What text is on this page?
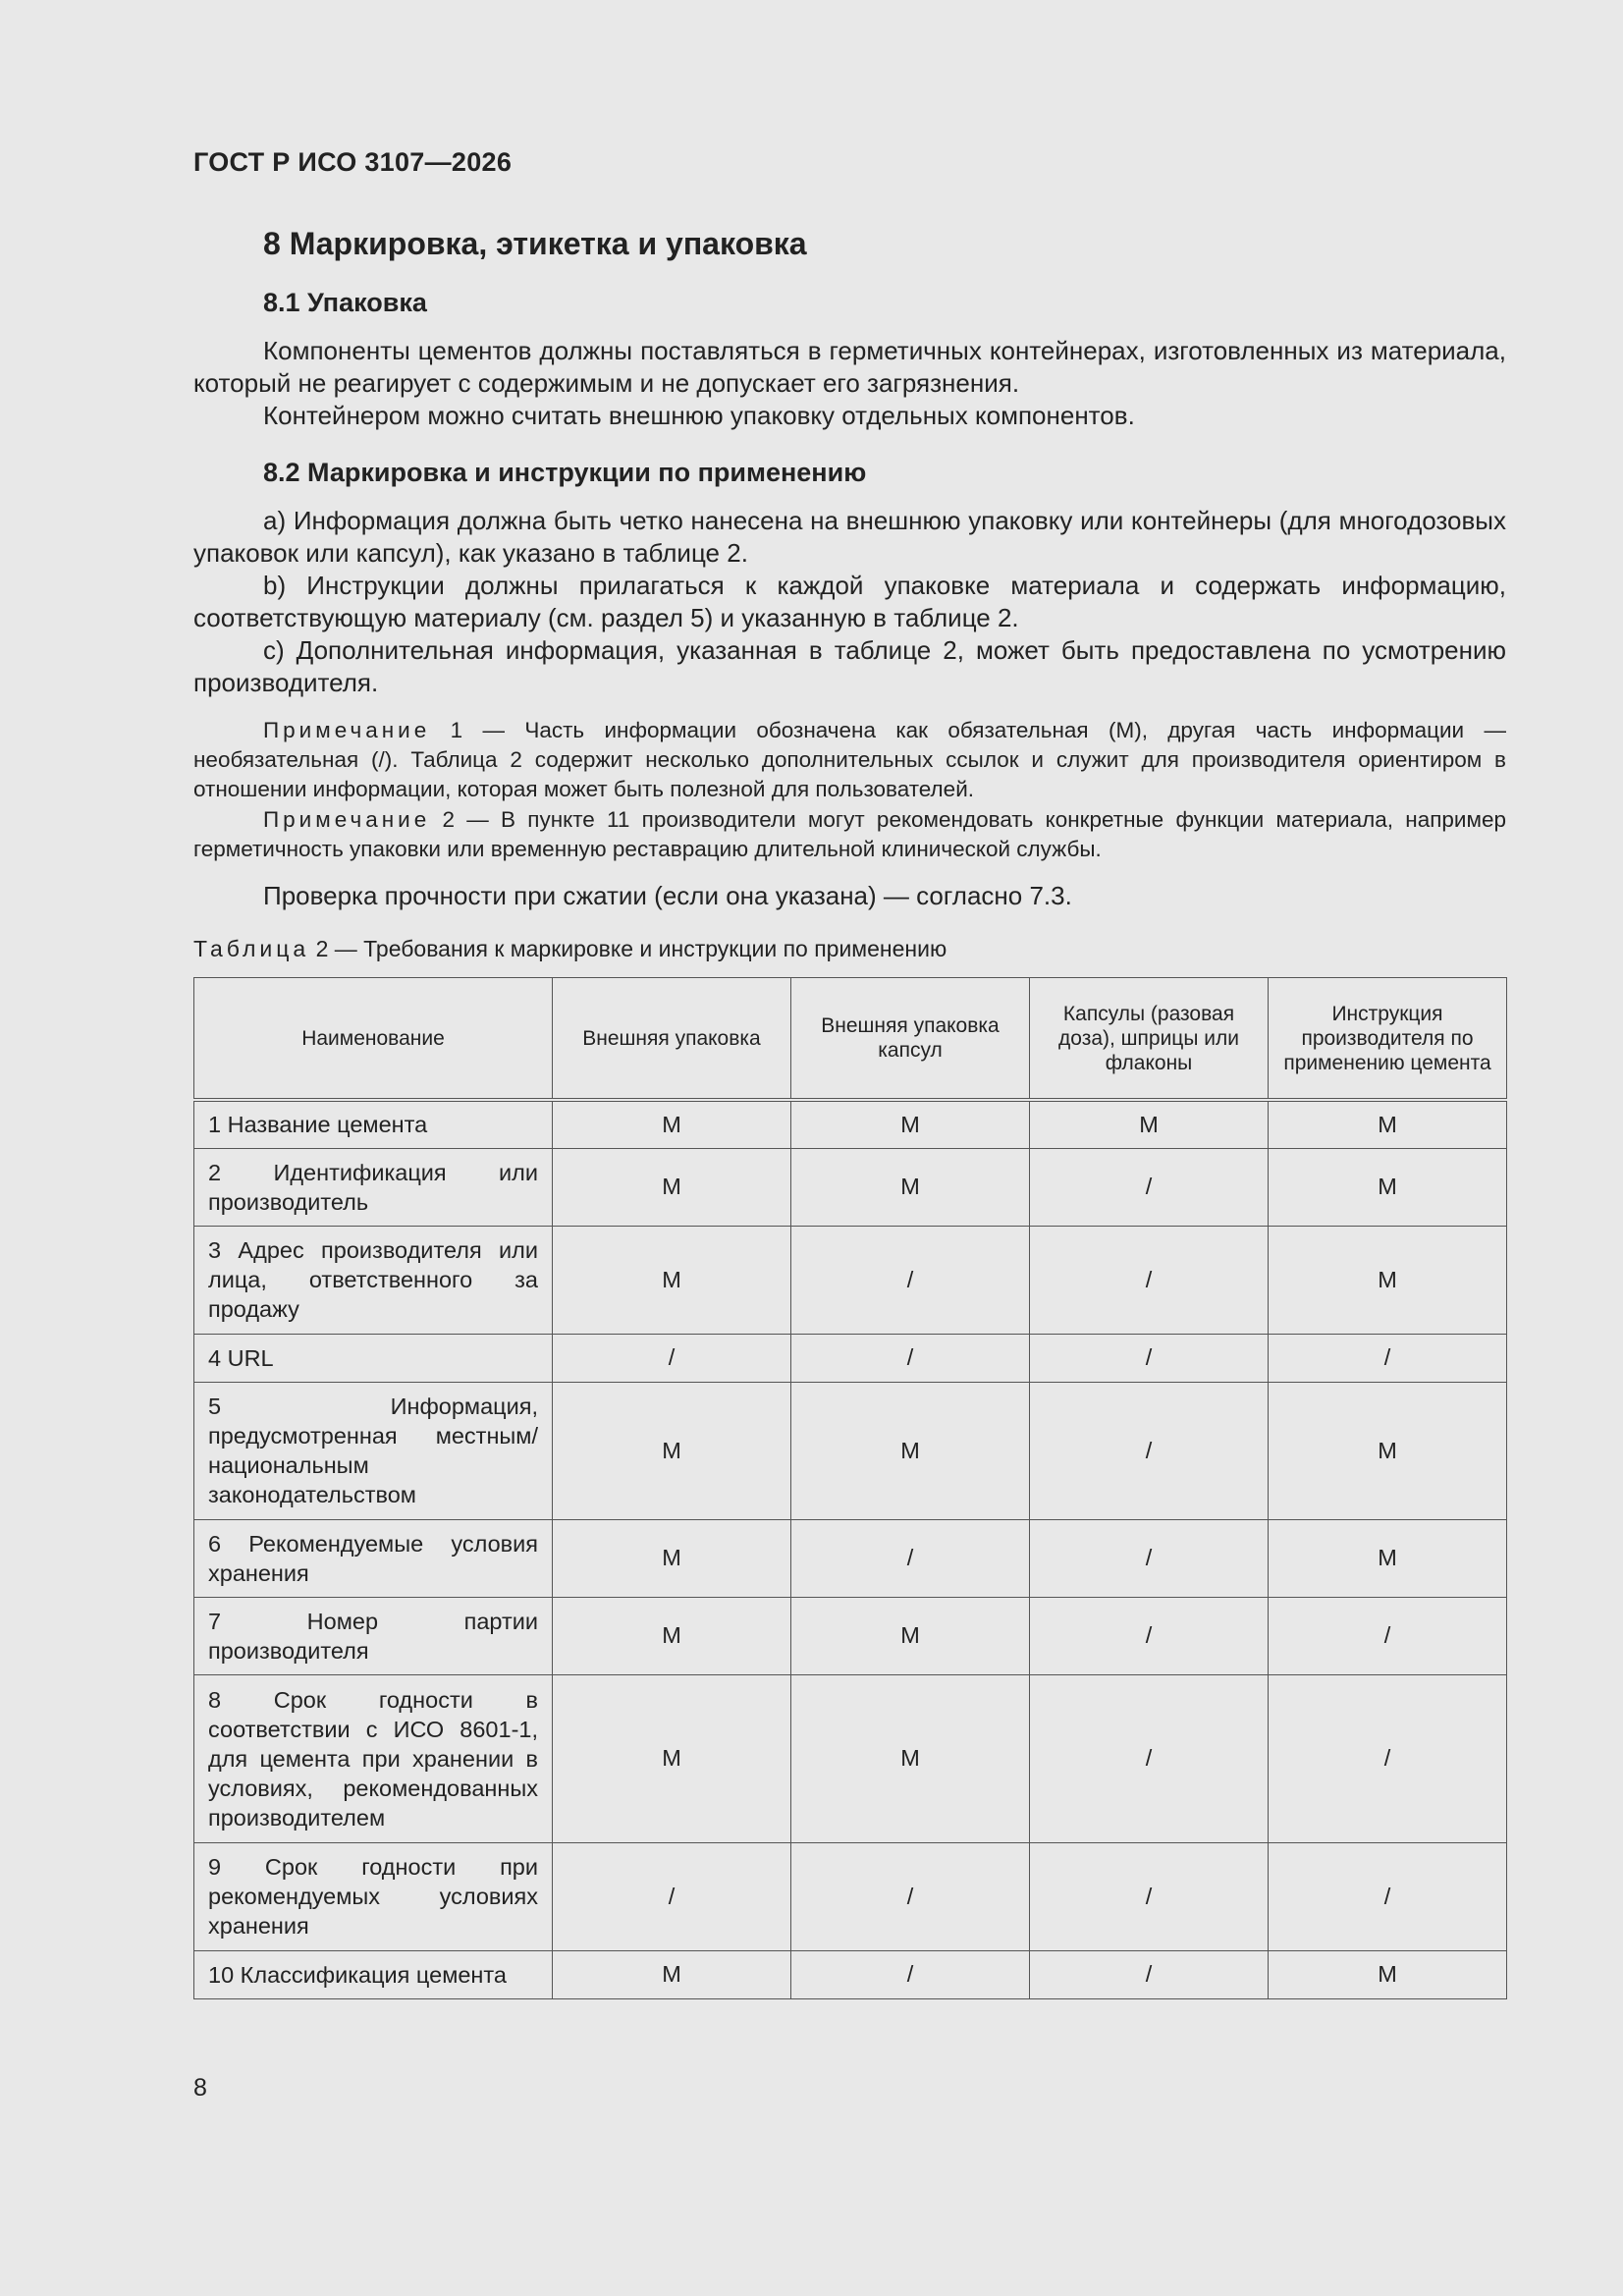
ГОСТ Р ИСО 3107—2026
8 Маркировка, этикетка и упаковка
8.1 Упаковка

Компоненты цементов должны поставляться в герметичных контейнерах, изготовленных из материала, который не реагирует с содержимым и не допускает его загрязнения.

Контейнером можно считать внешнюю упаковку отдельных компонентов.

8.2 Маркировка и инструкции по применению

a) Информация должна быть четко нанесена на внешнюю упаковку или контейнеры (для многодозовых упаковок или капсул), как указано в таблице 2.

b) Инструкции должны прилагаться к каждой упаковке материала и содержать информацию, соответствующую материалу (см. раздел 5) и указанную в таблице 2.

c) Дополнительная информация, указанная в таблице 2, может быть предоставлена по усмотрению производителя.

Примечание 1 — Часть информации обозначена как обязательная (M), другая часть информации — необязательная (/). Таблица 2 содержит несколько дополнительных ссылок и служит для производителя ориентиром в отношении информации, которая может быть полезной для пользователей.

Примечание 2 — В пункте 11 производители могут рекомендовать конкретные функции материала, например герметичность упаковки или временную реставрацию длительной клинической службы.

Проверка прочности при сжатии (если она указана) — согласно 7.3.

Таблица 2 — Требования к маркировке и инструкции по применению
Наименование	Внешняя упаковка	Внешняя упаковка капсул	Капсулы (разовая доза), шприцы или флаконы	Инструкция производителя по применению цемента
1 Название цемента	M	M	M	M
2 Идентификация или производитель	M	M	/	M
3 Адрес производителя или лица, ответственного за продажу	M	/	/	M
4 URL	/	/	/	/
5 Информация, предусмотренная местным/национальным законодательством	M	M	/	M
6 Рекомендуемые условия хранения	M	/	/	M
7 Номер партии производителя	M	M	/	/
8 Срок годности в соответствии с ИСО 8601-1, для цемента при хранении в условиях, рекомендованных производителем	M	M	/	/
9 Срок годности при рекомендуемых условиях хранения	/	/	/	/
10 Классификация цемента	M	/	/	M
8
